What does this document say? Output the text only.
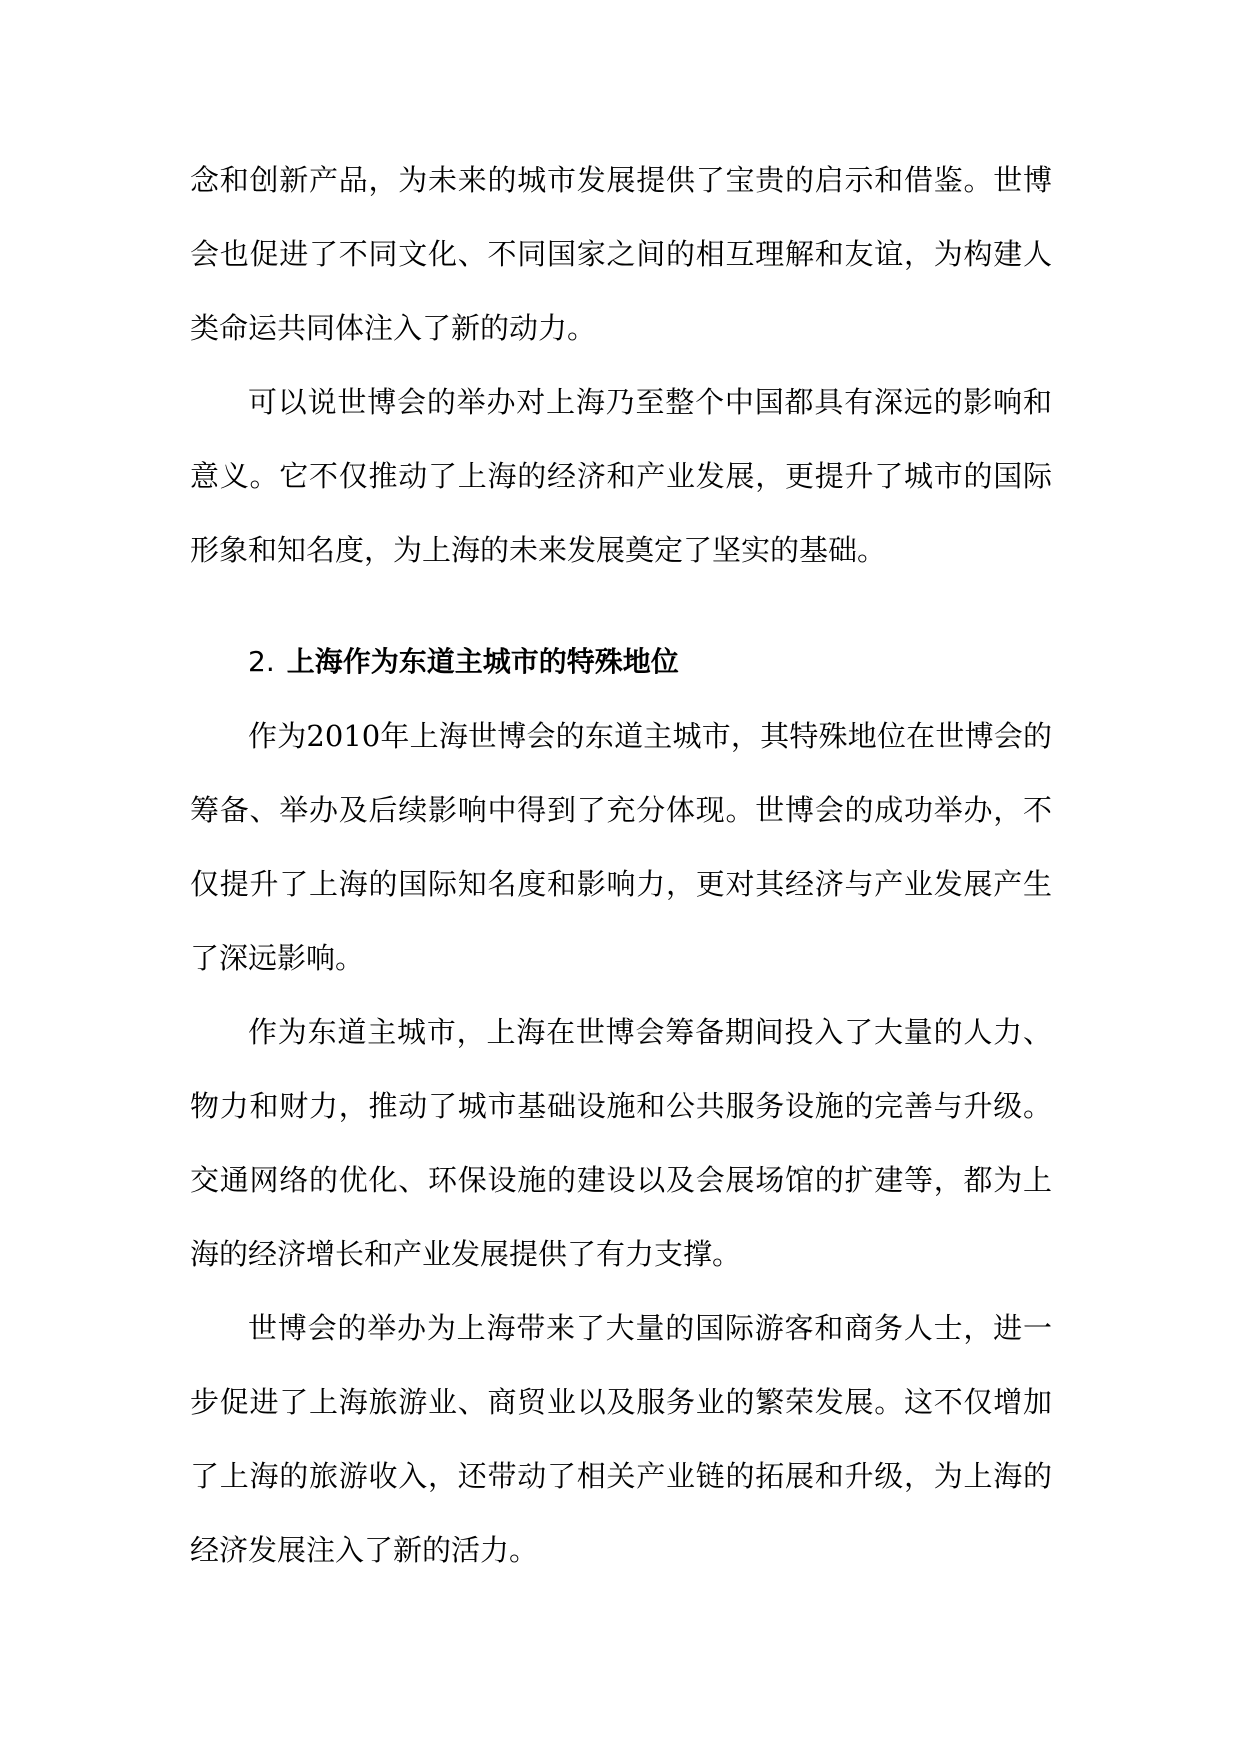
念和创新产品，为未来的城市发展提供了宝贵的启示和借鉴。世博会也促进了不同文化、不同国家之间的相互理解和友谊，为构建人类命运共同体注入了新的动力。

可以说世博会的举办对上海乃至整个中国都具有深远的影响和意义。它不仅推动了上海的经济和产业发展，更提升了城市的国际形象和知名度，为上海的未来发展奠定了坚实的基础。

2. 上海作为东道主城市的特殊地位

作为2010年上海世博会的东道主城市，其特殊地位在世博会的筹备、举办及后续影响中得到了充分体现。世博会的成功举办，不仅提升了上海的国际知名度和影响力，更对其经济与产业发展产生了深远影响。

作为东道主城市，上海在世博会筹备期间投入了大量的人力、物力和财力，推动了城市基础设施和公共服务设施的完善与升级。交通网络的优化、环保设施的建设以及会展场馆的扩建等，都为上海的经济增长和产业发展提供了有力支撑。

世博会的举办为上海带来了大量的国际游客和商务人士，进一步促进了上海旅游业、商贸业以及服务业的繁荣发展。这不仅增加了上海的旅游收入，还带动了相关产业链的拓展和升级，为上海的经济发展注入了新的活力。
